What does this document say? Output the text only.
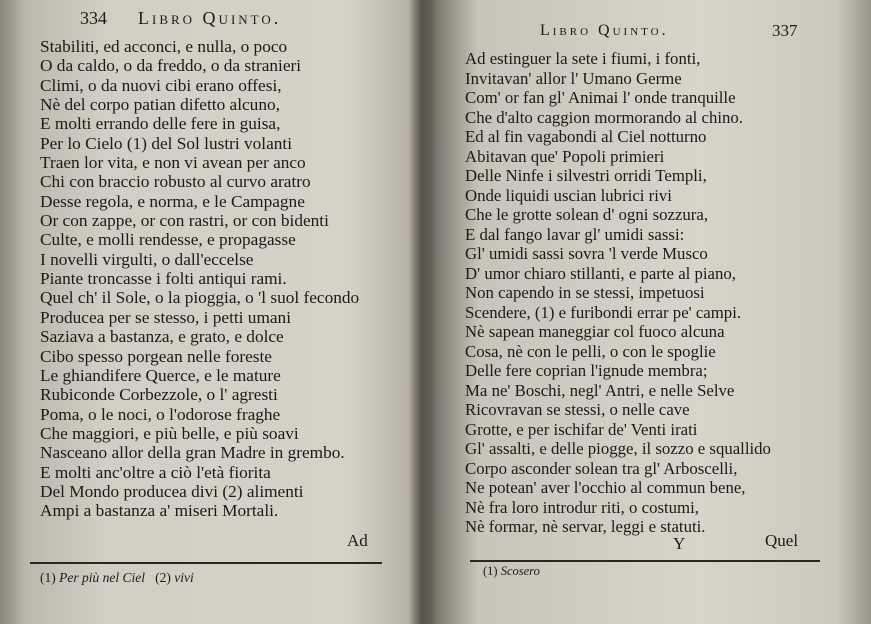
334 Libro Quinto.
Stabiliti, ed acconci, e nulla, o poco
O da caldo, o da freddo, o da stranieri
Climi, o da nuovi cibi erano offesi,
Nè del corpo patian difetto alcuno,
E molti errando delle fere in guisa,
Per lo Cielo (1) del Sol lustri volanti
Traen lor vita, e non vi avean per anco
Chi con braccio robusto al curvo aratro
Desse regola, e norma, e le Campagne
Or con zappe, or con rastri, or con bidenti
Culte, e molli rendesse, e propagasse
I novelli virgulti, o dall'eccelse
Piante troncasse i folti antiqui rami.
Quel ch' il Sole, o la pioggia, o 'l suol fecondo
Producea per se stesso, i petti umani
Saziava a bastanza, e grato, e dolce
Cibo spesso porgean nelle foreste
Le ghiandifere Querce, e le mature
Rubiconde Corbezzole, o l' agresti
Poma, o le noci, o l'odorose fraghe
Che maggiori, e più belle, e più soavi
Nasceano allor della gran Madre in grembo.
E molti anc'oltre a ciò l'età fiorita
Del Mondo producea divi (2) alimenti
Ampi a bastanza a' miseri Mortali.
Ad
(1) Per più nel Ciel (2) vivi
Libro Quinto.	337
Ad estinguer la sete i fiumi, i fonti,
Invitavan' allor l' Umano Germe
Com' or fan gl' Animai l' onde tranquille
Che d'alto caggion mormorando al chino.
Ed al fin vagabondi al Ciel notturno
Abitavan que' Popoli primieri
Delle Ninfe i silvestri orridi Templi,
Onde liquidi uscian lubrici rivi
Che le grotte solean d' ogni sozzura,
E dal fango lavar gl' umidi sassi:
Gl' umidi sassi sovra 'l verde Musco
D' umor chiaro stillanti, e parte al piano,
Non capendo in se stessi, impetuosi
Scendere, (1) e furibondi errar pe' campi.
Nè sapean maneggiar col fuoco alcuna
Cosa, nè con le pelli, o con le spoglie
Delle fere coprian l'ignude membra;
Ma ne' Boschi, negl' Antri, e nelle Selve
Ricovravan se stessi, o nelle cave
Grotte, e per ischifar de' Venti irati
Gl' assalti, e delle piogge, il sozzo e squallido
Corpo asconder solean tra gl' Arboscelli,
Ne potean' aver l'occhio al commun bene,
Nè fra loro introdur riti, o costumi,
Nè formar, nè servar, leggi e statuti.
Y	Quel
(1) Scosero
